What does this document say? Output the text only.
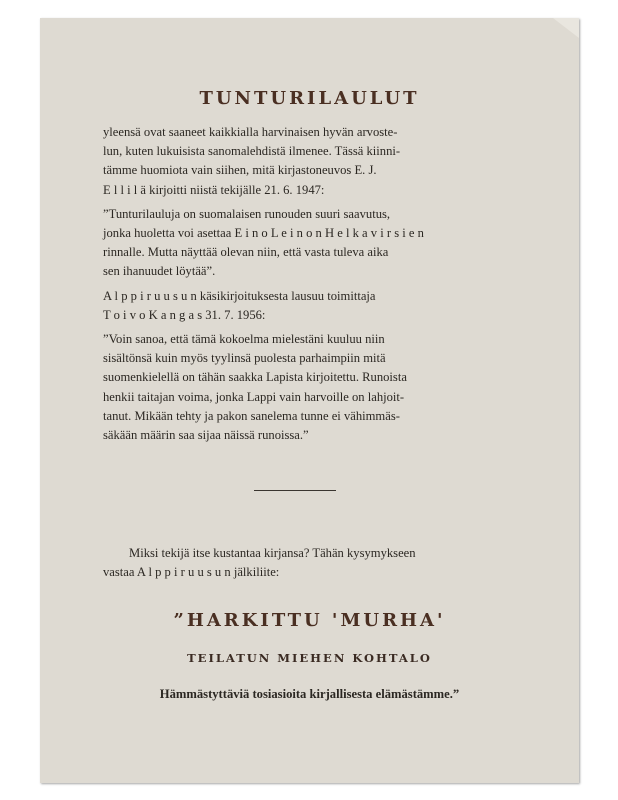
TUNTURILAULUT

yleensä ovat saaneet kaikkialla harvinaisen hyvän arvoste-
lun, kuten lukuisista sanomalehdistä ilmenee. Tässä kiinni-
tämme huomiota vain siihen, mitä kirjastoneuvos E. J.
E l l i l ä kirjoitti niistä tekijälle 21. 6. 1947:

”Tunturilauluja on suomalaisen runouden suuri saavutus,
jonka huoletta voi asettaa E i n o L e i n o n H e l k a v i r s i e n
rinnalle. Mutta näyttää olevan niin, että vasta tuleva aika
sen ihanuudet löytää”.

A l p p i r u u s u n käsikirjoituksesta lausuu toimittaja
T o i v o K a n g a s 31. 7. 1956:

”Voin sanoa, että tämä kokoelma mielestäni kuuluu niin
sisältönsä kuin myös tyylinsä puolesta parhaimpiin mitä
suomenkielellä on tähän saakka Lapista kirjoitettu. Runoista
henkii taitajan voima, jonka Lappi vain harvoille on lahjoit-
tanut. Mikään tehty ja pakon sanelema tunne ei vähimmäs-
säkään määrin saa sijaa näissä runoissa.”

Miksi tekijä itse kustantaa kirjansa? Tähän kysymykseen
vastaa A l p p i r u u s u n jälkiliite:
”HARKITTU 'MURHA'
TEILATUN MIEHEN KOHTALO
Hämmästyttäviä tosiasioita kirjallisesta elämästämme.”
